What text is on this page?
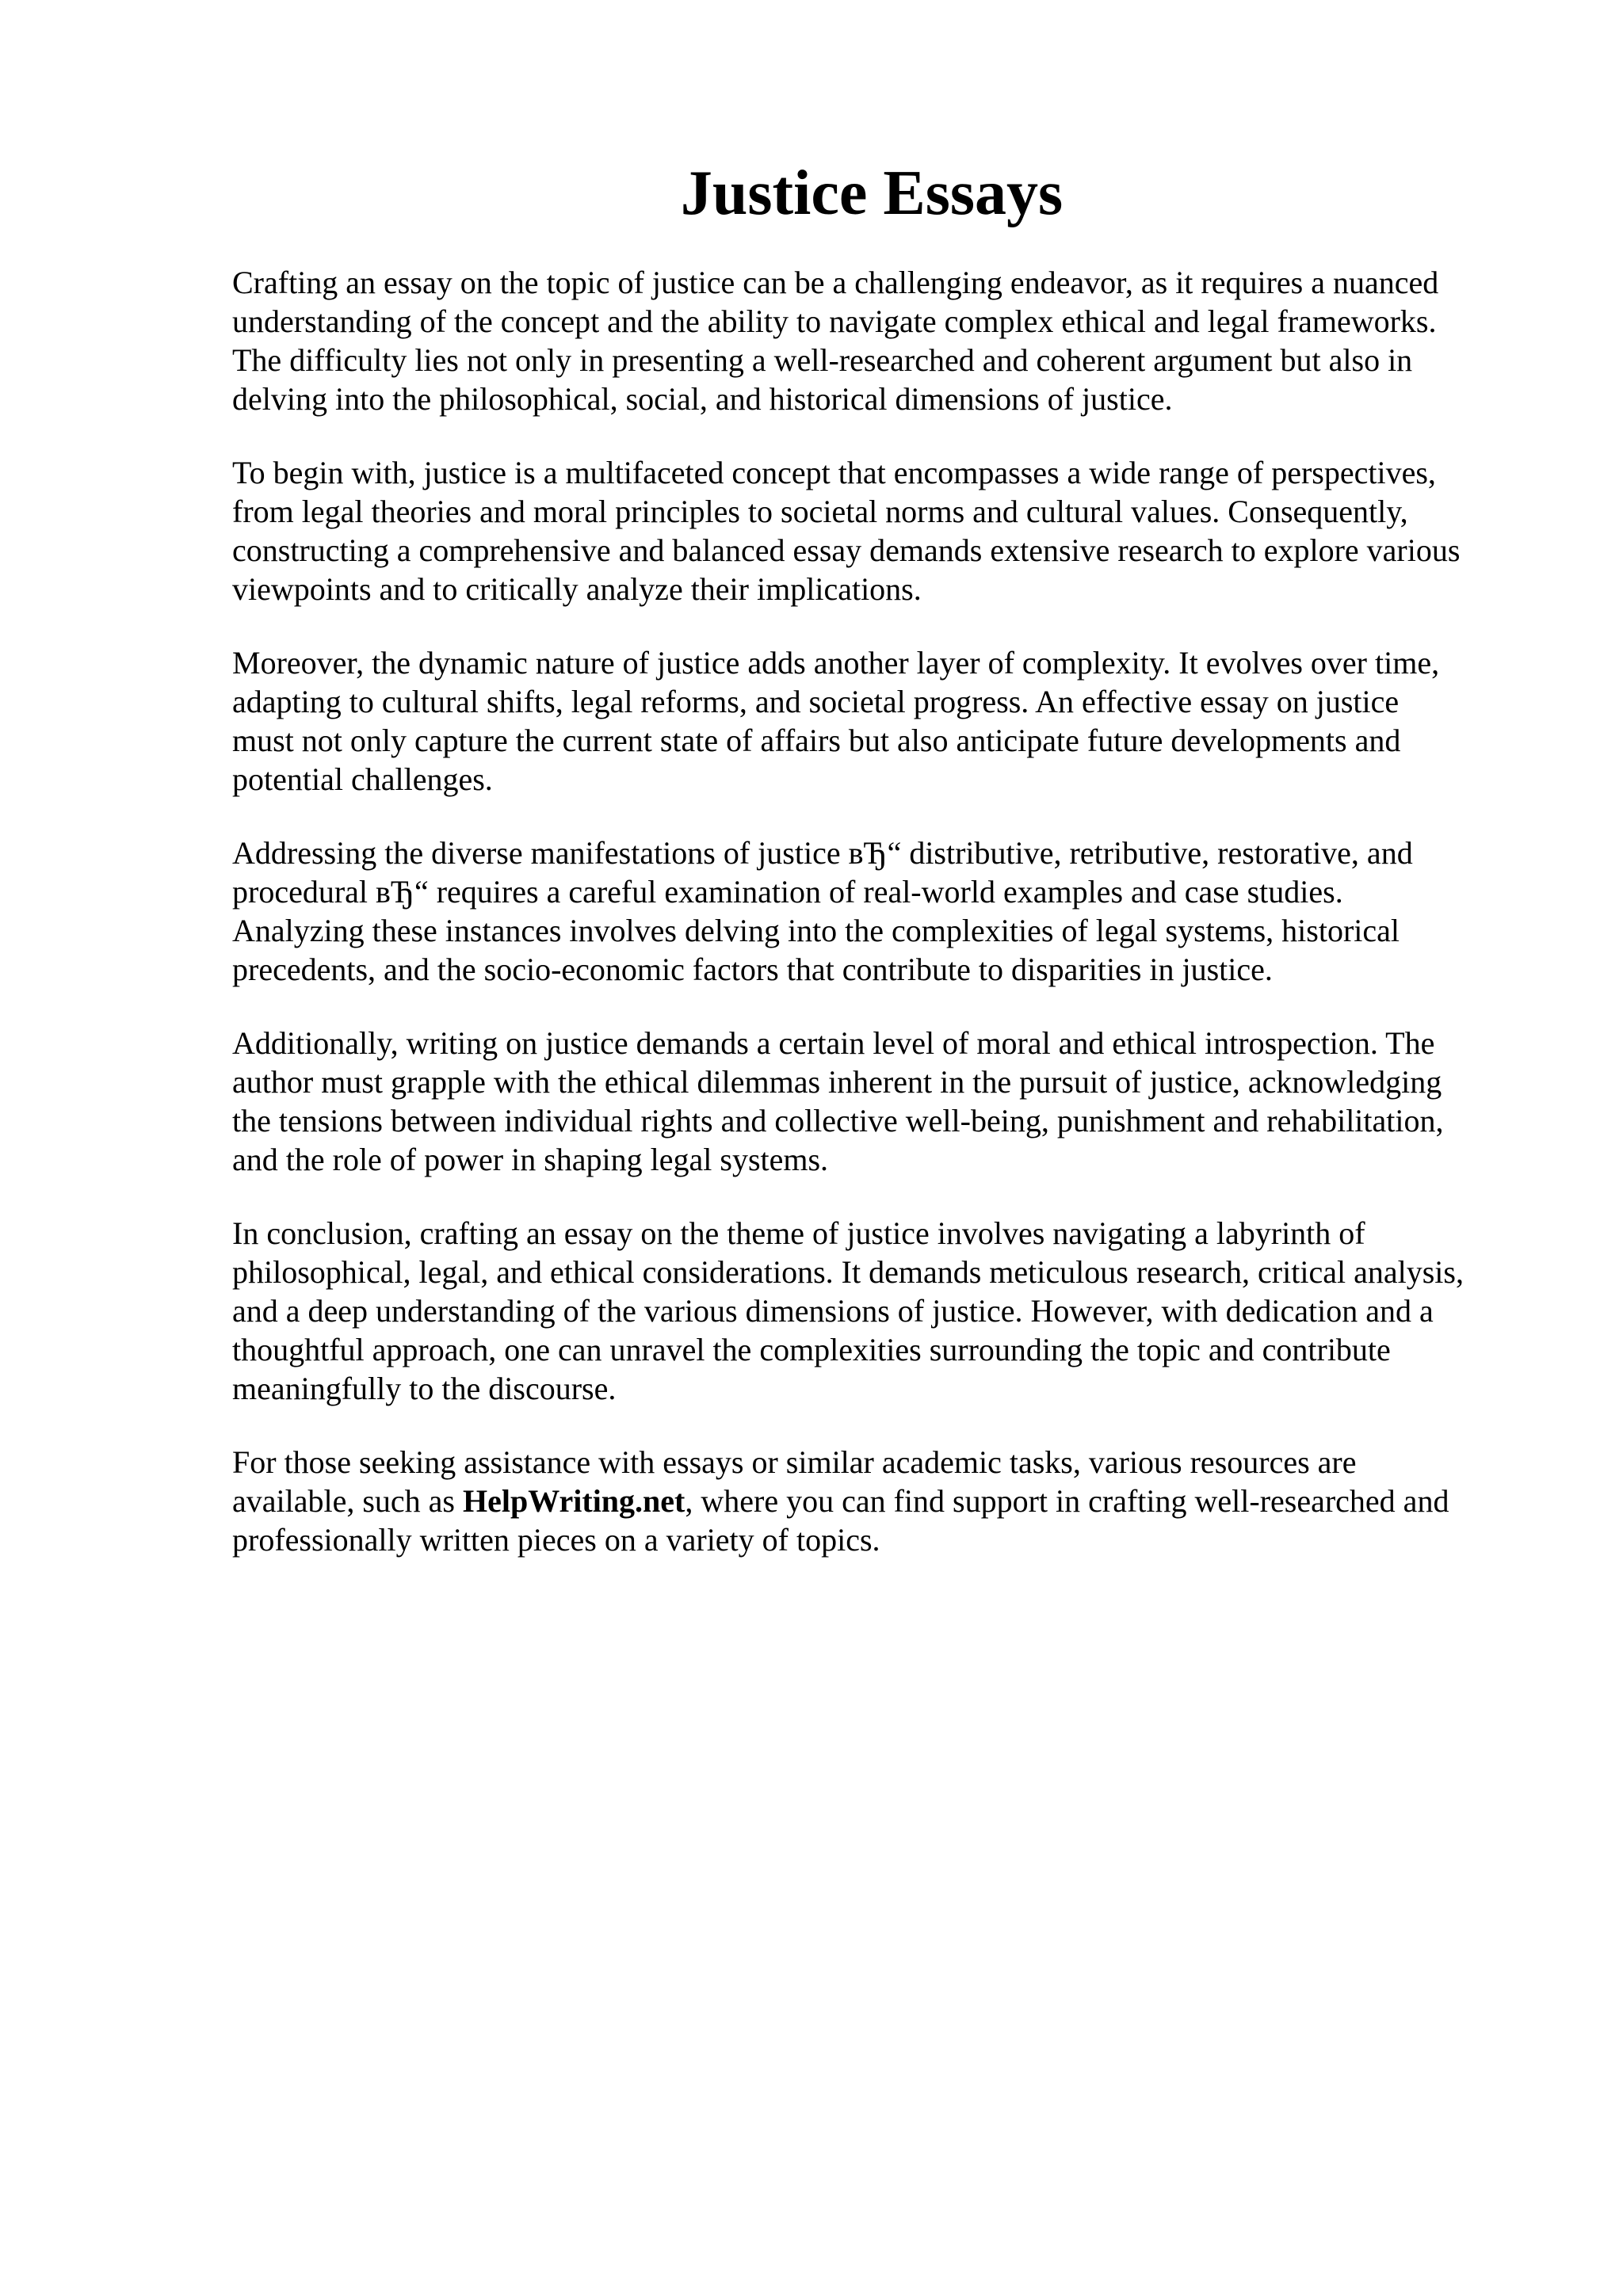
Justice Essays

Crafting an essay on the topic of justice can be a challenging endeavor, as it requires a nuanced
understanding of the concept and the ability to navigate complex ethical and legal frameworks.
The difficulty lies not only in presenting a well-researched and coherent argument but also in
delving into the philosophical, social, and historical dimensions of justice.

To begin with, justice is a multifaceted concept that encompasses a wide range of perspectives,
from legal theories and moral principles to societal norms and cultural values. Consequently,
constructing a comprehensive and balanced essay demands extensive research to explore various
viewpoints and to critically analyze their implications.

Moreover, the dynamic nature of justice adds another layer of complexity. It evolves over time,
adapting to cultural shifts, legal reforms, and societal progress. An effective essay on justice
must not only capture the current state of affairs but also anticipate future developments and
potential challenges.

Addressing the diverse manifestations of justice вЂ“ distributive, retributive, restorative, and
procedural вЂ“ requires a careful examination of real-world examples and case studies.
Analyzing these instances involves delving into the complexities of legal systems, historical
precedents, and the socio-economic factors that contribute to disparities in justice.

Additionally, writing on justice demands a certain level of moral and ethical introspection. The
author must grapple with the ethical dilemmas inherent in the pursuit of justice, acknowledging
the tensions between individual rights and collective well-being, punishment and rehabilitation,
and the role of power in shaping legal systems.

In conclusion, crafting an essay on the theme of justice involves navigating a labyrinth of
philosophical, legal, and ethical considerations. It demands meticulous research, critical analysis,
and a deep understanding of the various dimensions of justice. However, with dedication and a
thoughtful approach, one can unravel the complexities surrounding the topic and contribute
meaningfully to the discourse.

For those seeking assistance with essays or similar academic tasks, various resources are
available, such as HelpWriting.net, where you can find support in crafting well-researched and
professionally written pieces on a variety of topics.
